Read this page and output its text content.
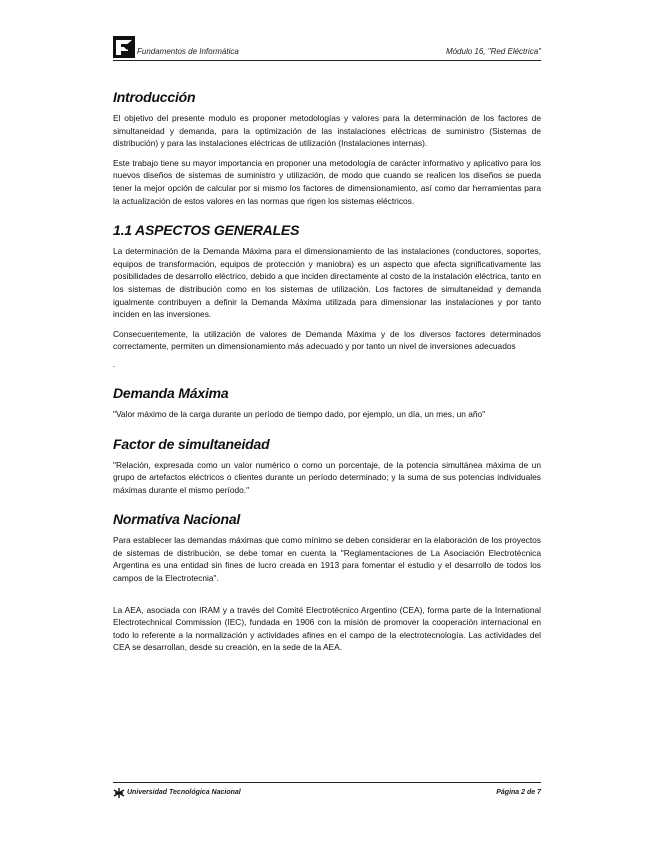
Fundamentos de Informática	Módulo 16, "Red Eléctrica"
Introducción

El objetivo del presente modulo es proponer metodologías y valores para la determinación de los factores de simultaneidad y demanda, para la optimización de las instalaciones eléctricas de suministro (Sistemas de distribución) y para las instalaciones eléctricas de utilización (Instalaciones internas).

Este trabajo tiene su mayor importancia en proponer una metodología de carácter informativo y aplicativo para los nuevos diseños de sistemas de suministro y utilización, de modo que cuando se realicen los diseños se pueda tener la mejor opción de calcular por si mismo los factores de dimensionamiento, así como dar herramientas para la actualización de estos valores en las normas que rigen los sistemas eléctricos.

1.1 ASPECTOS GENERALES

La determinación de la Demanda Máxima para el dimensionamiento de las instalaciones (conductores, soportes, equipos de transformación, equipos de protección y maniobra) es un aspecto que afecta significativamente las posibilidades de desarrollo eléctrico, debido a que inciden directamente al costo de la instalación eléctrica, tanto en los sistemas de distribución como en los sistemas de utilización. Los factores de simultaneidad y demanda igualmente contribuyen a definir la Demanda Máxima utilizada para dimensionar las instalaciones y por tanto inciden en las inversiones.

Consecuentemente, la utilización de valores de Demanda Máxima y de los diversos factores determinados correctamente, permiten un dimensionamiento más adecuado y por tanto un nivel de inversiones adecuados

.
Demanda Máxima

"Valor máximo de la carga durante un período de tiempo dado, por ejemplo, un día, un mes, un año"

Factor de simultaneidad

"Relación, expresada como un valor numérico o como un porcentaje, de la potencia simultánea máxima de un grupo de artefactos eléctricos o clientes durante un período determinado; y la suma de sus potencias individuales máximas durante el mismo período."

Normativa Nacional

Para establecer las demandas máximas que como mínimo se deben considerar en la elaboración de los proyectos de sistemas de distribución, se debe tomar en cuenta la "Reglamentaciones de La Asociación Electrotécnica Argentina es una entidad sin fines de lucro creada en 1913 para fomentar el estudio y el desarrollo de todos los campos de la Electrotecnia".

La AEA, asociada con IRAM y a través del Comité Electrotécnico Argentino (CEA), forma parte de la International Electrotechnical Commission (IEC), fundada en 1906 con la misión de promover la cooperación internacional en todo lo referente a la normalización y actividades afines en el campo de la electrotecnología. Las actividades del CEA se desarrollan, desde su creación, en la sede de la AEA.

Universidad Tecnológica Nacional	Página 2 de 7
